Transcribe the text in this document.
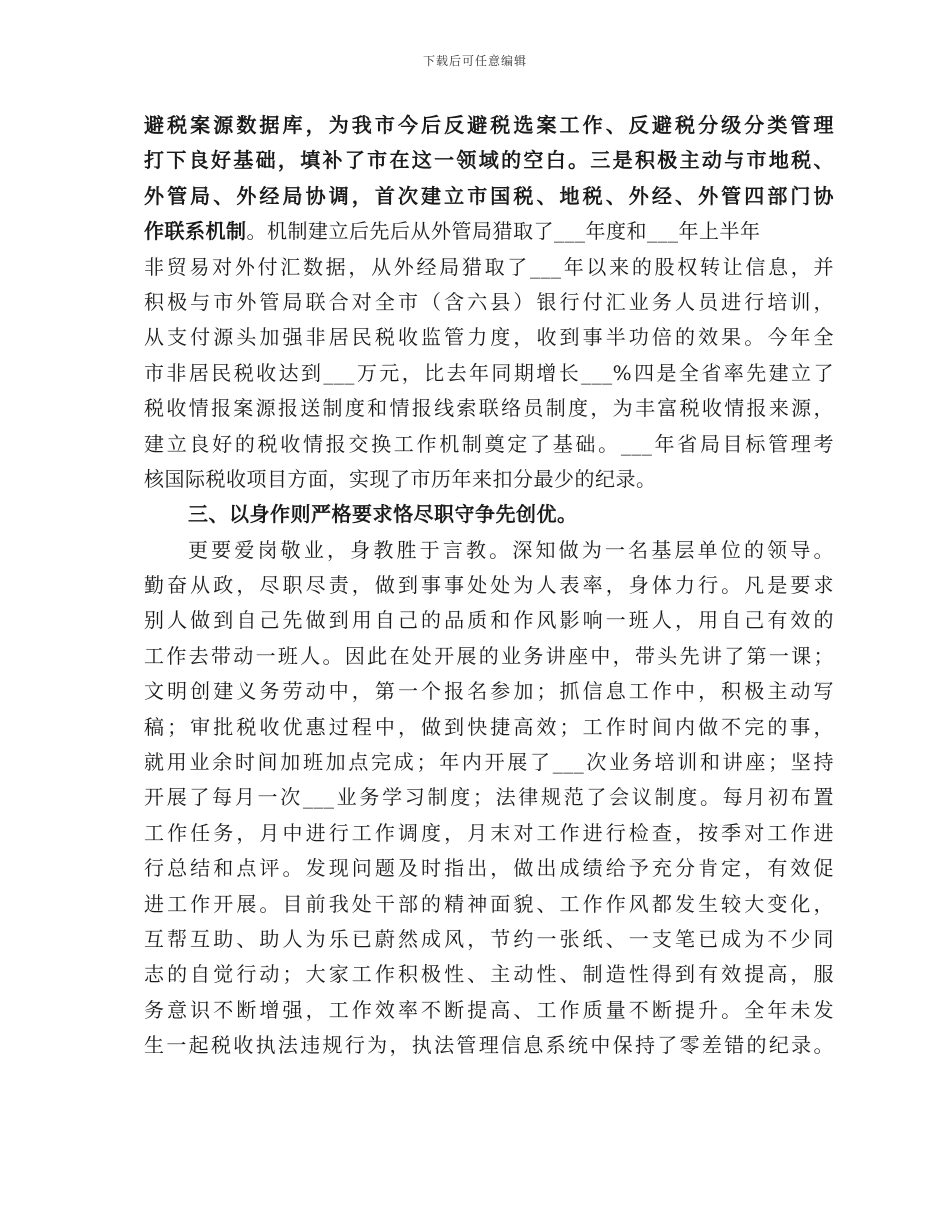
下载后可任意编辑
避税案源数据库，为我市今后反避税选案工作、反避税分级分类管理
打下良好基础，填补了市在这一领域的空白。三是积极主动与市地税、
外管局、外经局协调，首次建立市国税、地税、外经、外管四部门协
作联系机制。机制建立后先后从外管局猎取了___年度和___年上半年
非贸易对外付汇数据，从外经局猎取了___年以来的股权转让信息，并
积极与市外管局联合对全市（含六县）银行付汇业务人员进行培训，
从支付源头加强非居民税收监管力度，收到事半功倍的效果。今年全
市非居民税收达到___万元，比去年同期增长___%四是全省率先建立了
税收情报案源报送制度和情报线索联络员制度，为丰富税收情报来源，
建立良好的税收情报交换工作机制奠定了基础。___年省局目标管理考
核国际税收项目方面，实现了市历年来扣分最少的纪录。
三、以身作则严格要求恪尽职守争先创优。
更要爱岗敬业，身教胜于言教。深知做为一名基层单位的领导。
勤奋从政，尽职尽责，做到事事处处为人表率，身体力行。凡是要求
别人做到自己先做到用自己的品质和作风影响一班人，用自己有效的
工作去带动一班人。因此在处开展的业务讲座中，带头先讲了第一课；
文明创建义务劳动中，第一个报名参加；抓信息工作中，积极主动写
稿；审批税收优惠过程中，做到快捷高效；工作时间内做不完的事，
就用业余时间加班加点完成；年内开展了___次业务培训和讲座；坚持
开展了每月一次___业务学习制度；法律规范了会议制度。每月初布置
工作任务，月中进行工作调度，月末对工作进行检查，按季对工作进
行总结和点评。发现问题及时指出，做出成绩给予充分肯定，有效促
进工作开展。目前我处干部的精神面貌、工作作风都发生较大变化，
互帮互助、助人为乐已蔚然成风，节约一张纸、一支笔已成为不少同
志的自觉行动；大家工作积极性、主动性、制造性得到有效提高，服
务意识不断增强，工作效率不断提高、工作质量不断提升。全年未发
生一起税收执法违规行为，执法管理信息系统中保持了零差错的纪录。
